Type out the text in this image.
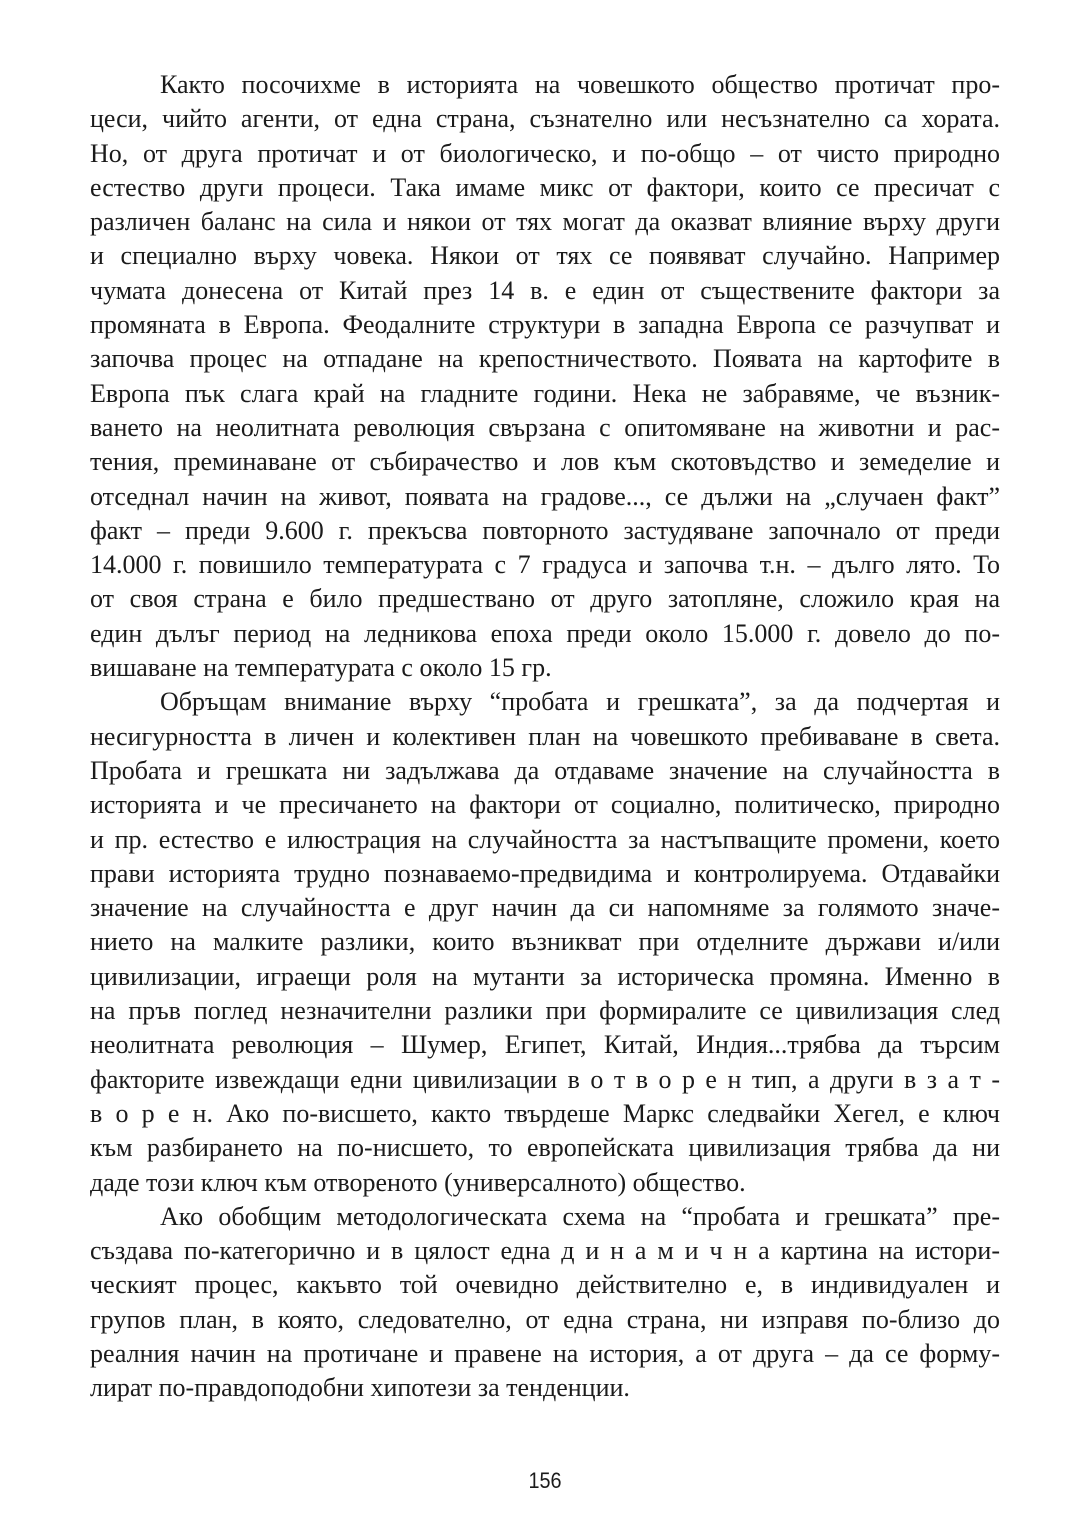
Както посочихме в историята на човешкото общество протичат про-
цеси, чийто агенти, от една страна, съзнателно или несъзнателно са хората.
Но, от друга протичат и от биологическо, и по-общо – от чисто природно
естество други процеси. Така имаме микс от фактори, които се пресичат с
различен баланс на сила и някои от тях могат да оказват влияние върху други
и специално върху човека. Някои от тях се появяват случайно. Например
чумата донесена от Китай през 14 в. е един от съществените фактори за
промяната в Европа. Феодалните структури в западна Европа се разчупват и
започва процес на отпадане на крепостничеството. Появата на картофите в
Европа пък слага край на гладните години. Нека не забравяме, че възник-
ването на неолитната революция свързана с опитомяване на животни и рас-
тения, преминаване от събирачество и лов към скотовъдство и земеделие и
отседнал начин на живот, появата на градове..., се дължи на „случаен факт”
факт – преди 9.600 г. прекъсва повторното застудяване започнало от преди
14.000 г. повишило температурата с 7 градуса и започва т.н. – дълго лято. То
от своя страна е било предшествано от друго затопляне, сложило края на
един дълъг период на ледникова епоха преди около 15.000 г. довело до по-
вишаване на температурата с около 15 гр.
Обръщам внимание върху “пробата и грешката”, за да подчертая и
несигурността в личен и колективен план на човешкото пребиваване в света.
Пробата и грешката ни задължава да отдаваме значение на случайността в
историята и че пресичането на фактори от социално, политическо, природно
и пр. естество е илюстрация на случайността за настъпващите промени, което
прави историята трудно познаваемо-предвидима и контролируема. Отдавайки
значение на случайността е друг начин да си напомняме за голямото значе-
нието на малките разлики, които възникват при отделните държави и/или
цивилизации, играещи роля на мутанти за историческа промяна. Именно в
на пръв поглед незначителни разлики при формиралите се цивилизация след
неолитната революция – Шумер, Египет, Китай, Индия...трябва да търсим
факторите извеждащи едни цивилизации в о т в о р е н тип, а други в з а т -
в о р е н. Ако по-висшето, както твърдеше Маркс следвайки Хегел, е ключ
към разбирането на по-нисшето, то европейската цивилизация трябва да ни
даде този ключ към отвореното (универсалното) общество.
Ако обобщим методологическата схема на “пробата и грешката” пре-
създава по-категорично и в цялост една д и н а м и ч н а картина на истори-
ческият процес, какъвто той очевидно действително е, в индивидуален и
групов план, в която, следователно, от една страна, ни изправя по-близо до
реалния начин на протичане и правене на история, а от друга – да се форму-
лират по-правдоподобни хипотези за тенденции.
156
